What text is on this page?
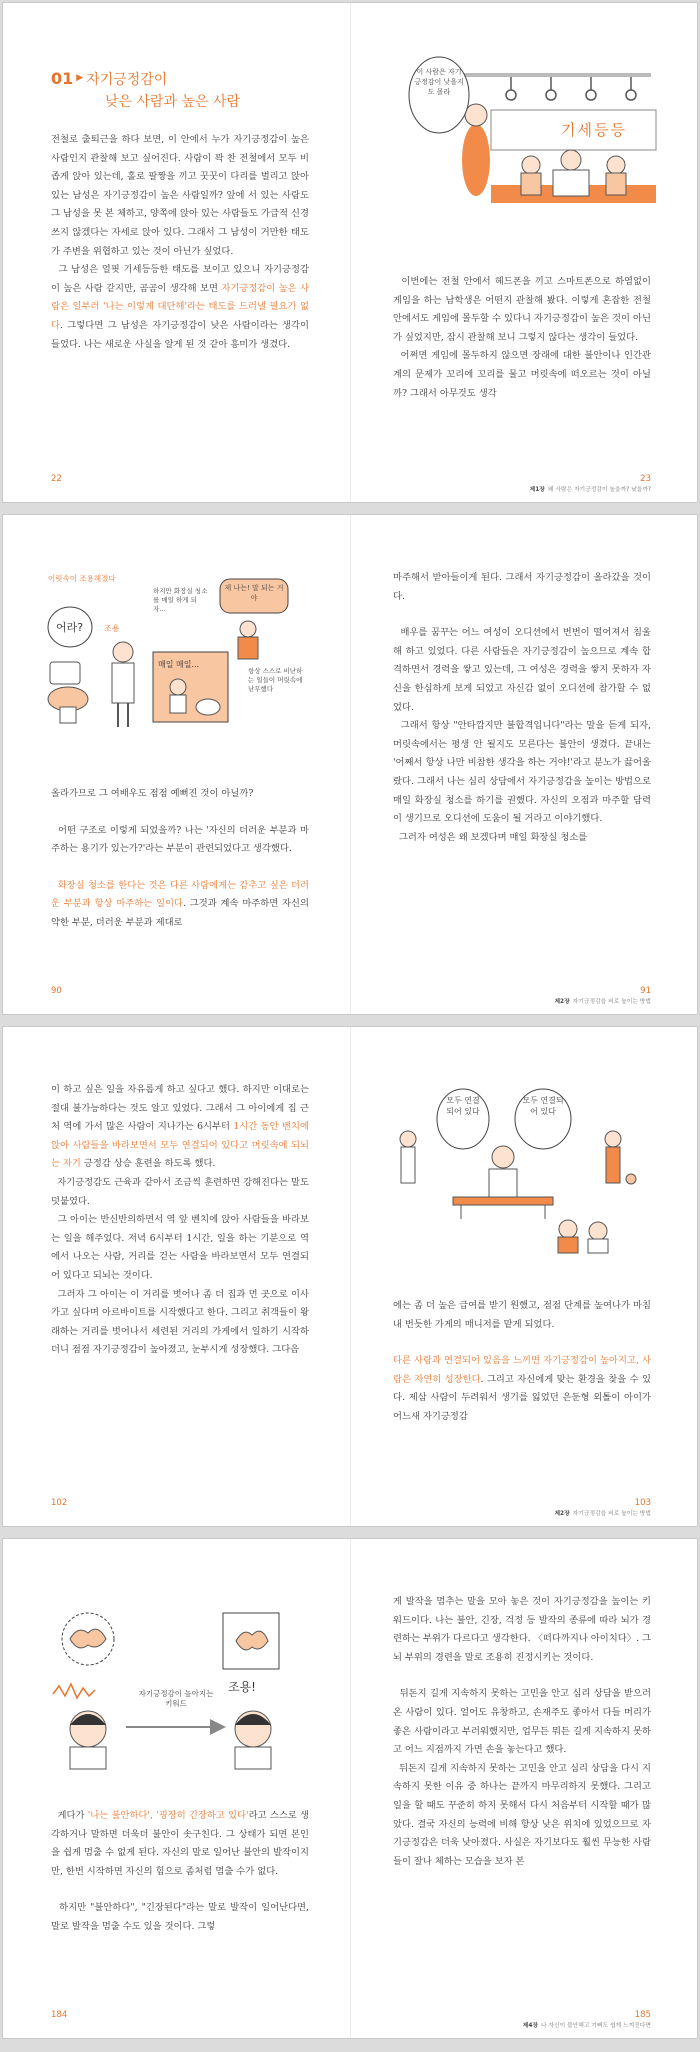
01 ▶ 자기긍정감이
낮은 사람과 높은 사람

전철로 출퇴근을 하다 보면, 이 안에서 누가 자기긍정감이 높은 사람인지 관찰해 보고 싶어진다. 사람이 꽉 찬 전철에서 모두 비좁게 앉아 있는데, 홀로 팔짱을 끼고 꿋꿋이 다리를 벌리고 앉아 있는 남성은 자기긍정감이 높은 사람일까? 앞에 서 있는 사람도 그 남성을 못 본 체하고, 양쪽에 앉아 있는 사람들도 가급적 신경쓰지 않겠다는 자세로 앉아 있다. 그래서 그 남성이 거만한 태도가 주변을 위협하고 있는 것이 아닌가 싶었다.

그 남성은 얼핏 기세등등한 태도를 보이고 있으니 자기긍정감이 높은 사람 같지만, 곰곰이 생각해 보면 자기긍정감이 높은 사람은 일부러 '나는 이렇게 대단해'라는 태도를 드러낼 필요가 없다. 그렇다면 그 남성은 자기긍정감이 낮은 사람이라는 생각이 들었다. 나는 새로운 사실을 알게 된 것 같아 흥미가 생겼다.

22
기세등등
이 사람은 자기 긍정감이 낮을지도 몰라

이번에는 전철 안에서 헤드폰을 끼고 스마트폰으로 하염없이 게임을 하는 남학생은 어떤지 관찰해 봤다. 이렇게 혼잡한 전철 안에서도 게임에 몰두할 수 있다니 자기긍정감이 높은 것이 아닌가 싶었지만, 잠시 관찰해 보니 그렇지 않다는 생각이 들었다.

어쩌면 게임에 몰두하지 않으면 장래에 대한 불안이나 인간관계의 문제가 꼬리에 꼬리를 물고 머릿속에 떠오르는 것이 아닐까? 그래서 아무것도 생각

23
제1장 왜 사람은 자기긍정감이 높을까? 낮을까?
어릿속이 조용해졌다
어라?	조용
하지만 화장실 청소를 매일 하게 되자…
제 나는! 말 되는 거야
매일 매일...
항상 스스로 비난하는 일들이 머릿속에 난무했다

올라가므로 그 여배우도 점점 예뻐진 것이 아닐까?

어떤 구조로 이렇게 되었을까? 나는 '자신의 더러운 부분과 마주하는 용기가 있는가?'라는 부분이 관련되었다고 생각했다.

화장실 청소를 한다는 것은 다른 사람에게는 감추고 싶은 더러운 부분과 항상 마주하는 일이다. 그것과 계속 마주하면 자신의 약한 부분, 더러운 부분과 제대로

90

마주해서 받아들이게 된다. 그래서 자기긍정감이 올라갔을 것이다.

배우를 꿈꾸는 어느 여성이 오디션에서 번번이 떨어져서 침울해 하고 있었다. 다른 사람들은 자기긍정감이 높으므로 계속 합격하면서 경력을 쌓고 있는데, 그 여성은 경력을 쌓지 못하자 자신을 한심하게 보게 되었고 자신감 없이 오디션에 참가할 수 없었다.

그래서 항상 "안타깝지만 불합격입니다"라는 말을 듣게 되자, 머릿속에서는 평생 안 될지도 모른다는 불안이 생겼다. 끝내는 '어째서 항상 나만 비참한 생각을 하는 거야!'라고 분노가 끓어올랐다. 그래서 나는 심리 상담에서 자기긍정감을 높이는 방법으로 매일 화장실 청소를 하기를 권했다. 자신의 오점과 마주할 담력이 생기므로 오디션에 도움이 될 거라고 이야기했다.

그러자 여성은 왜 보겠다며 매일 화장실 청소를

91
제2장 자기긍정감을 비로 높이는 방법

이 하고 싶은 일을 자유롭게 하고 싶다고 했다. 하지만 이대로는 절대 불가능하다는 것도 알고 있었다. 그래서 그 아이에게 집 근처 역에 가서 많은 사람이 지나가는 6시부터 1시간 동안 벤치에 앉아 사람들을 바라보면서 모두 연결되어 있다고 머릿속에 되뇌는 자기 긍정감 상승 훈련을 하도록 했다.

자기긍정감도 근육과 같아서 조금씩 훈련하면 강해진다는 말도 덧붙였다.

그 아이는 반신반의하면서 역 앞 벤치에 앉아 사람들을 바라보는 일을 해주었다. 저녁 6시부터 1시간, 일을 하는 기분으로 역에서 나오는 사람, 거리를 걷는 사람을 바라보면서 모두 연결되어 있다고 되뇌는 것이다.

그러자 그 아이는 이 거리를 벗어나 좀 더 집과 먼 곳으로 이사 가고 싶다며 아르바이트를 시작했다고 한다. 그리고 취객들이 왕래하는 거리를 벗어나서 세련된 거리의 가게에서 일하기 시작하더니 점점 자기긍정감이 높아졌고, 눈부시게 성장했다. 그다음

102
모두 연결되어 있다
모두 연결되어 있다

에는 좀 더 높은 급여를 받기 원했고, 점점 단계를 높여나가 마침내 번듯한 가게의 매니저를 맡게 되었다.

다른 사람과 연결되어 있음을 느끼면 자기긍정감이 높아지고, 사람은 자연히 성장한다. 그리고 자신에게 맞는 환경을 찾을 수 있다. 제삼 사람이 두려워서 생기를 잃었던 은둔형 외톨이 아이가 어느새 자기긍정감

103
제2장 자기긍정감을 비로 높이는 방법
자기긍정감이 높아지는 키워드
조용!

게다가 '나는 불안하다', '굉장히 긴장하고 있다'라고 스스로 생각하거나 말하면 더욱더 불안이 솟구친다. 그 상태가 되면 본인을 쉽게 멈출 수 없게 된다. 자신의 말로 일어난 불안의 발작이지만, 한번 시작하면 자신의 힘으로 좀처럼 멈출 수가 없다.

하지만 "불안하다", "긴장된다"라는 말로 발작이 일어난다면, 말로 발작을 멈출 수도 있을 것이다. 그렇

184

게 발작을 멈추는 말을 모아 놓은 것이 자기긍정감을 높이는 키워드이다. 나는 불안, 긴장, 걱정 등 발작의 종류에 따라 뇌가 경련하는 부위가 다르다고 생각한다. 〈떠다까지나 아이치다〉. 그 뇌 부위의 경련을 말로 조용히 진정시키는 것이다.

뒤돈지 길게 지속하지 못하는 고민을 안고 심리 상담을 받으러 온 사람이 있다. 얼어도 유창하고, 손재주도 좋아서 다들 머리가 좋은 사람이라고 부러워했지만, 업무든 뭐든 길게 지속하지 못하고 어느 지점까지 가면 손을 놓는다고 했다.

뒤돈지 길게 지속하지 못하는 고민을 안고 심리 상담을 다시 지속하지 못한 이유 중 하나는 끝까지 마무리하지 못했다. 그리고 일을 할 때도 꾸준히 하지 못해서 다시 처음부터 시작할 때가 많았다. 결국 자신의 능력에 비해 항상 낮은 위치에 있었으므로 자기긍정감은 더욱 낮아졌다. 사실은 자기보다도 훨씬 무능한 사람들이 잘나 체하는 모습을 보자 본

185
제4장 나 자신이 불안해고 기뻐도 쉽게 느껴진다면
